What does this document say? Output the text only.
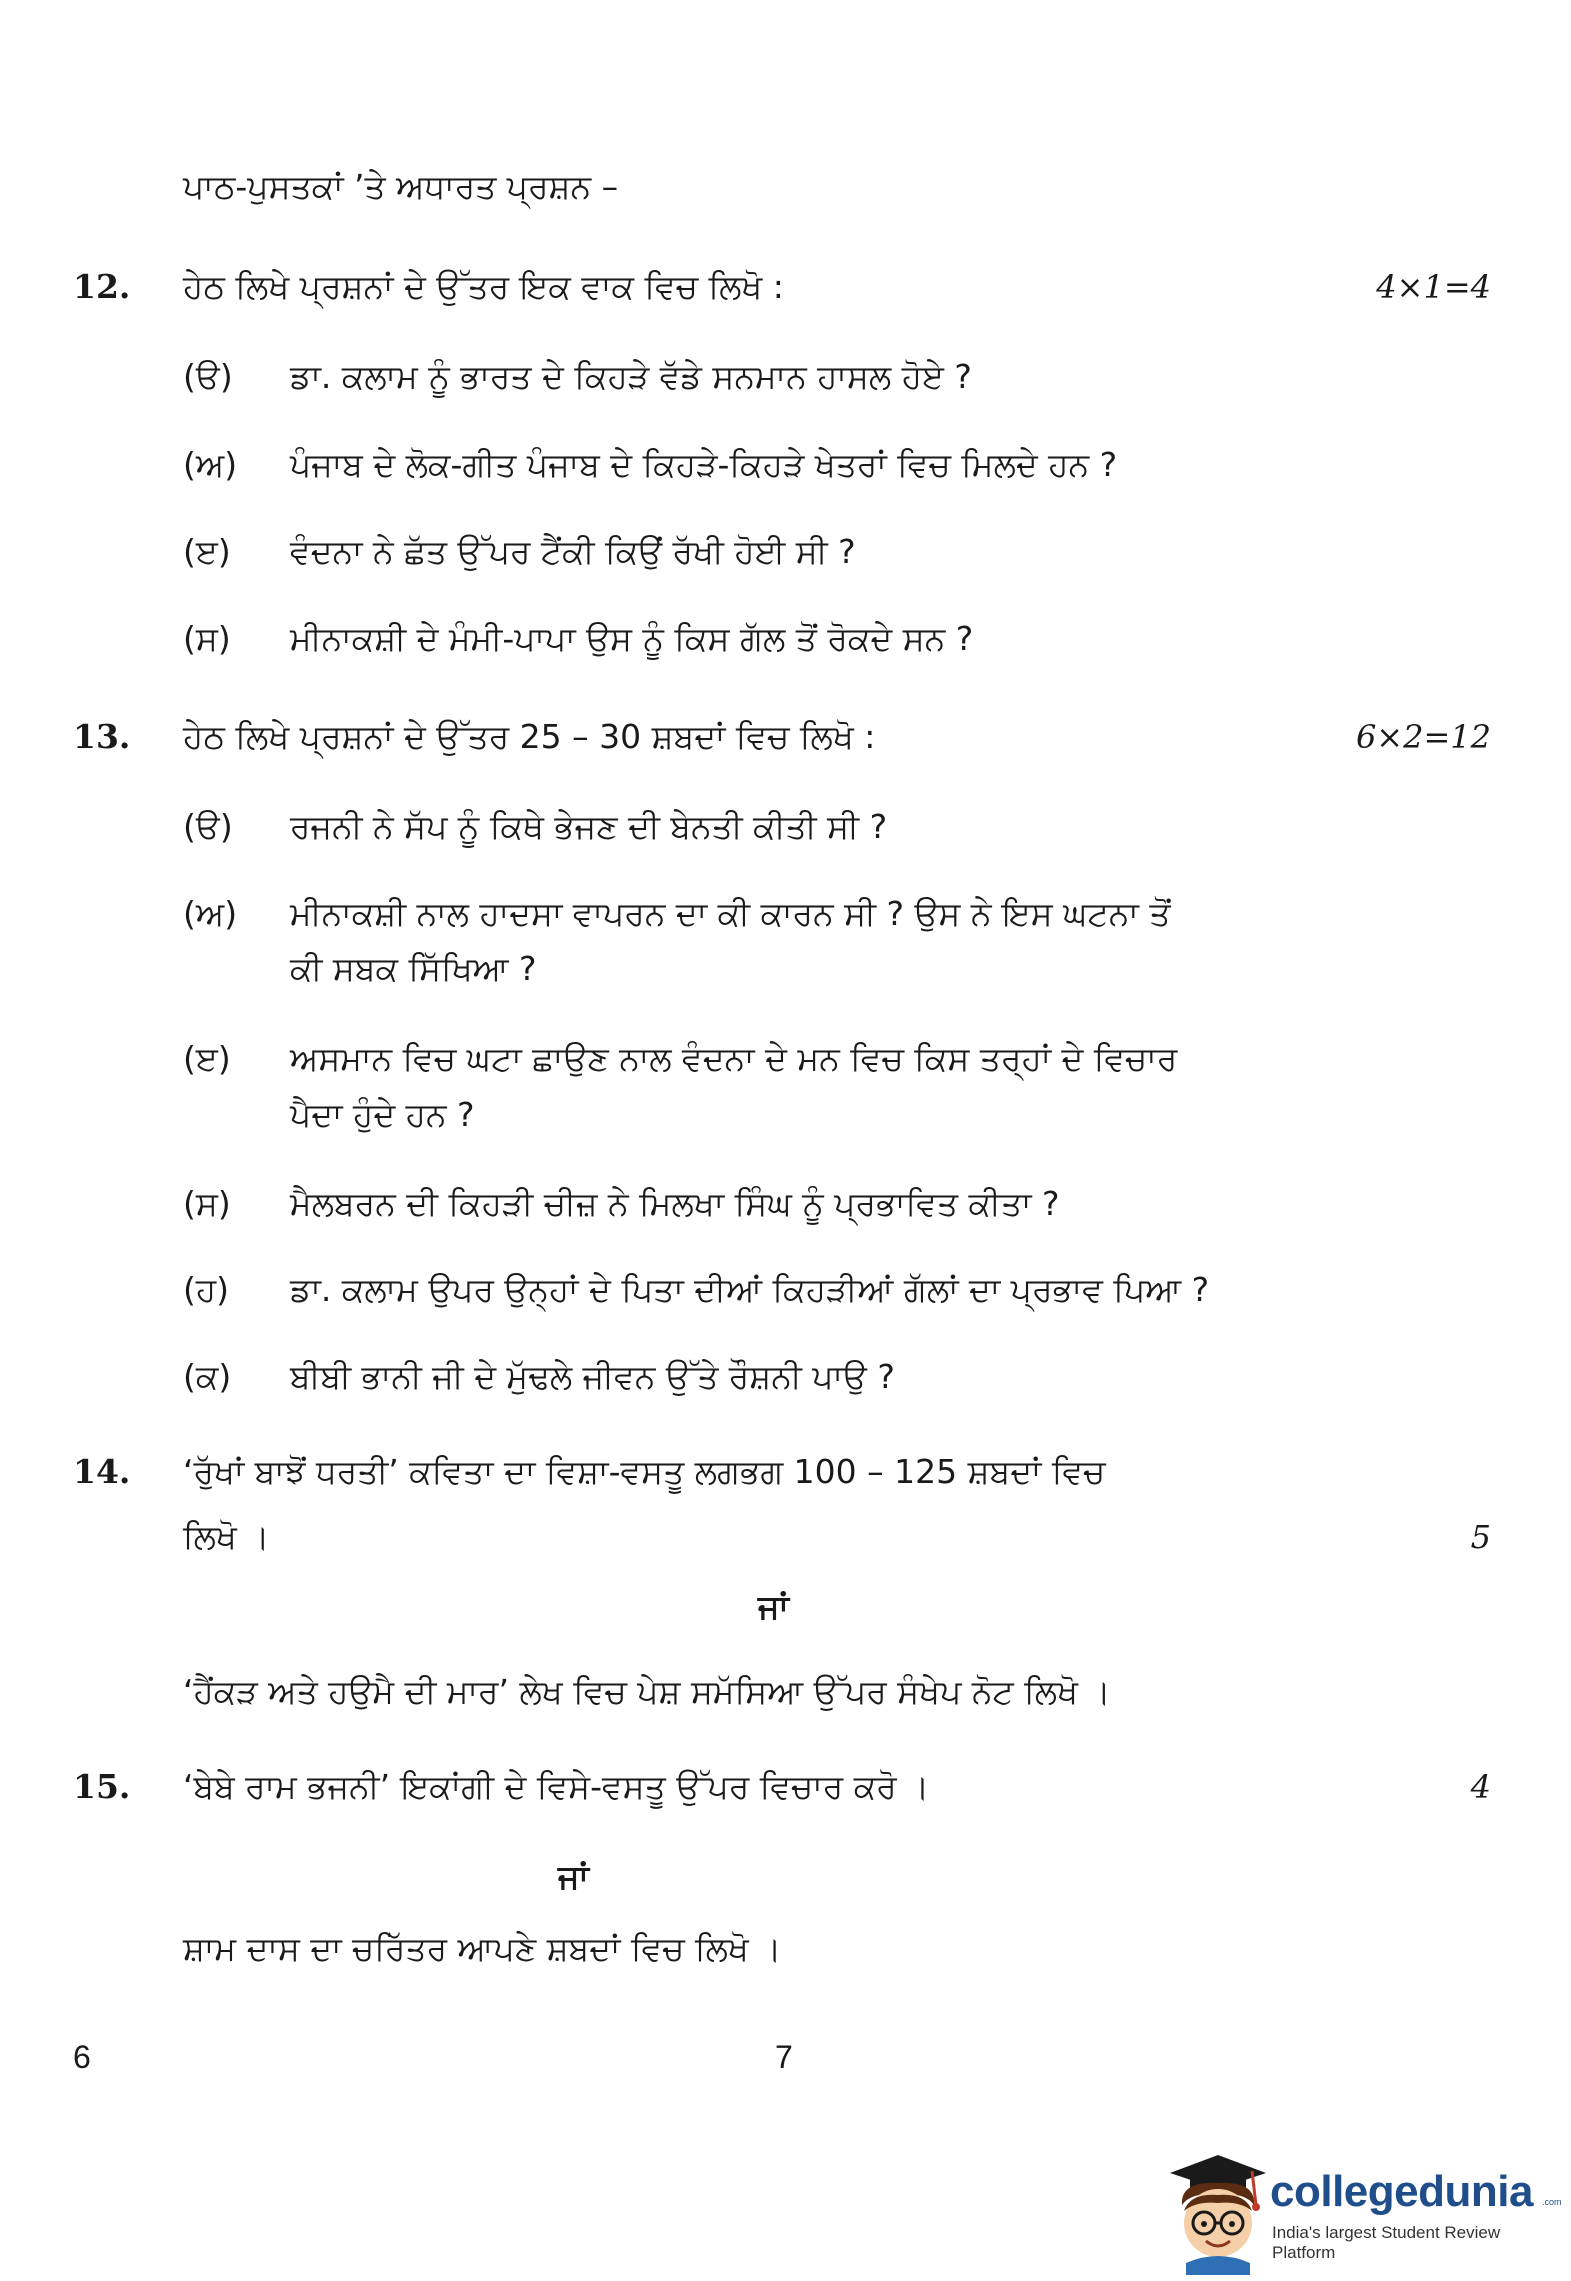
ਪਾਠ-ਪੁਸਤਕਾਂ ’ਤੇ ਅਧਾਰਤ ਪ੍ਰਸ਼ਨ –
12. ਹੇਠ ਲਿਖੇ ਪ੍ਰਸ਼ਨਾਂ ਦੇ ਉੱਤਰ ਇਕ ਵਾਕ ਵਿਚ ਲਿਖੋ :	4×1=4
(ੳ) ਡਾ. ਕਲਾਮ ਨੂੰ ਭਾਰਤ ਦੇ ਕਿਹੜੇ ਵੱਡੇ ਸਨਮਾਨ ਹਾਸਲ ਹੋਏ ?
(ਅ) ਪੰਜਾਬ ਦੇ ਲੋਕ-ਗੀਤ ਪੰਜਾਬ ਦੇ ਕਿਹੜੇ-ਕਿਹੜੇ ਖੇਤਰਾਂ ਵਿਚ ਮਿਲਦੇ ਹਨ ?
(ੲ) ਵੰਦਨਾ ਨੇ ਛੱਤ ਉੱਪਰ ਟੈਂਕੀ ਕਿਉਂ ਰੱਖੀ ਹੋਈ ਸੀ ?
(ਸ) ਮੀਨਾਕਸ਼ੀ ਦੇ ਮੰਮੀ-ਪਾਪਾ ਉਸ ਨੂੰ ਕਿਸ ਗੱਲ ਤੋਂ ਰੋਕਦੇ ਸਨ ?
13. ਹੇਠ ਲਿਖੇ ਪ੍ਰਸ਼ਨਾਂ ਦੇ ਉੱਤਰ 25 – 30 ਸ਼ਬਦਾਂ ਵਿਚ ਲਿਖੋ :	6×2=12
(ੳ) ਰਜਨੀ ਨੇ ਸੱਪ ਨੂੰ ਕਿਥੇ ਭੇਜਣ ਦੀ ਬੇਨਤੀ ਕੀਤੀ ਸੀ ?
(ਅ) ਮੀਨਾਕਸ਼ੀ ਨਾਲ ਹਾਦਸਾ ਵਾਪਰਨ ਦਾ ਕੀ ਕਾਰਨ ਸੀ ? ਉਸ ਨੇ ਇਸ ਘਟਨਾ ਤੋਂ
ਕੀ ਸਬਕ ਸਿੱਖਿਆ ?
(ੲ) ਅਸਮਾਨ ਵਿਚ ਘਟਾ ਛਾਉਣ ਨਾਲ ਵੰਦਨਾ ਦੇ ਮਨ ਵਿਚ ਕਿਸ ਤਰ੍ਹਾਂ ਦੇ ਵਿਚਾਰ
ਪੈਦਾ ਹੁੰਦੇ ਹਨ ?
(ਸ) ਮੈਲਬਰਨ ਦੀ ਕਿਹੜੀ ਚੀਜ਼ ਨੇ ਮਿਲਖਾ ਸਿੰਘ ਨੂੰ ਪ੍ਰਭਾਵਿਤ ਕੀਤਾ ?
(ਹ) ਡਾ. ਕਲਾਮ ਉਪਰ ਉਨ੍ਹਾਂ ਦੇ ਪਿਤਾ ਦੀਆਂ ਕਿਹੜੀਆਂ ਗੱਲਾਂ ਦਾ ਪ੍ਰਭਾਵ ਪਿਆ ?
(ਕ) ਬੀਬੀ ਭਾਨੀ ਜੀ ਦੇ ਮੁੱਢਲੇ ਜੀਵਨ ਉੱਤੇ ਰੌਸ਼ਨੀ ਪਾਉ ?
14. ‘ਰੁੱਖਾਂ ਬਾਝੋਂ ਧਰਤੀ’ ਕਵਿਤਾ ਦਾ ਵਿਸ਼ਾ-ਵਸਤੂ ਲਗਭਗ 100 – 125 ਸ਼ਬਦਾਂ ਵਿਚ
ਲਿਖੋ ।	5
ਜਾਂ
‘ਹੈਂਕੜ ਅਤੇ ਹਉਮੈ ਦੀ ਮਾਰ’ ਲੇਖ ਵਿਚ ਪੇਸ਼ ਸਮੱਸਿਆ ਉੱਪਰ ਸੰਖੇਪ ਨੋਟ ਲਿਖੋ ।
15. ‘ਬੇਬੇ ਰਾਮ ਭਜਨੀ’ ਇਕਾਂਗੀ ਦੇ ਵਿਸੇ-ਵਸਤੂ ਉੱਪਰ ਵਿਚਾਰ ਕਰੋ ।	4
ਜਾਂ
ਸ਼ਾਮ ਦਾਸ ਦਾ ਚਰਿੱਤਰ ਆਪਣੇ ਸ਼ਬਦਾਂ ਵਿਚ ਲਿਖੋ ।
6	7
collegedunia .com
India's largest Student Review Platform
